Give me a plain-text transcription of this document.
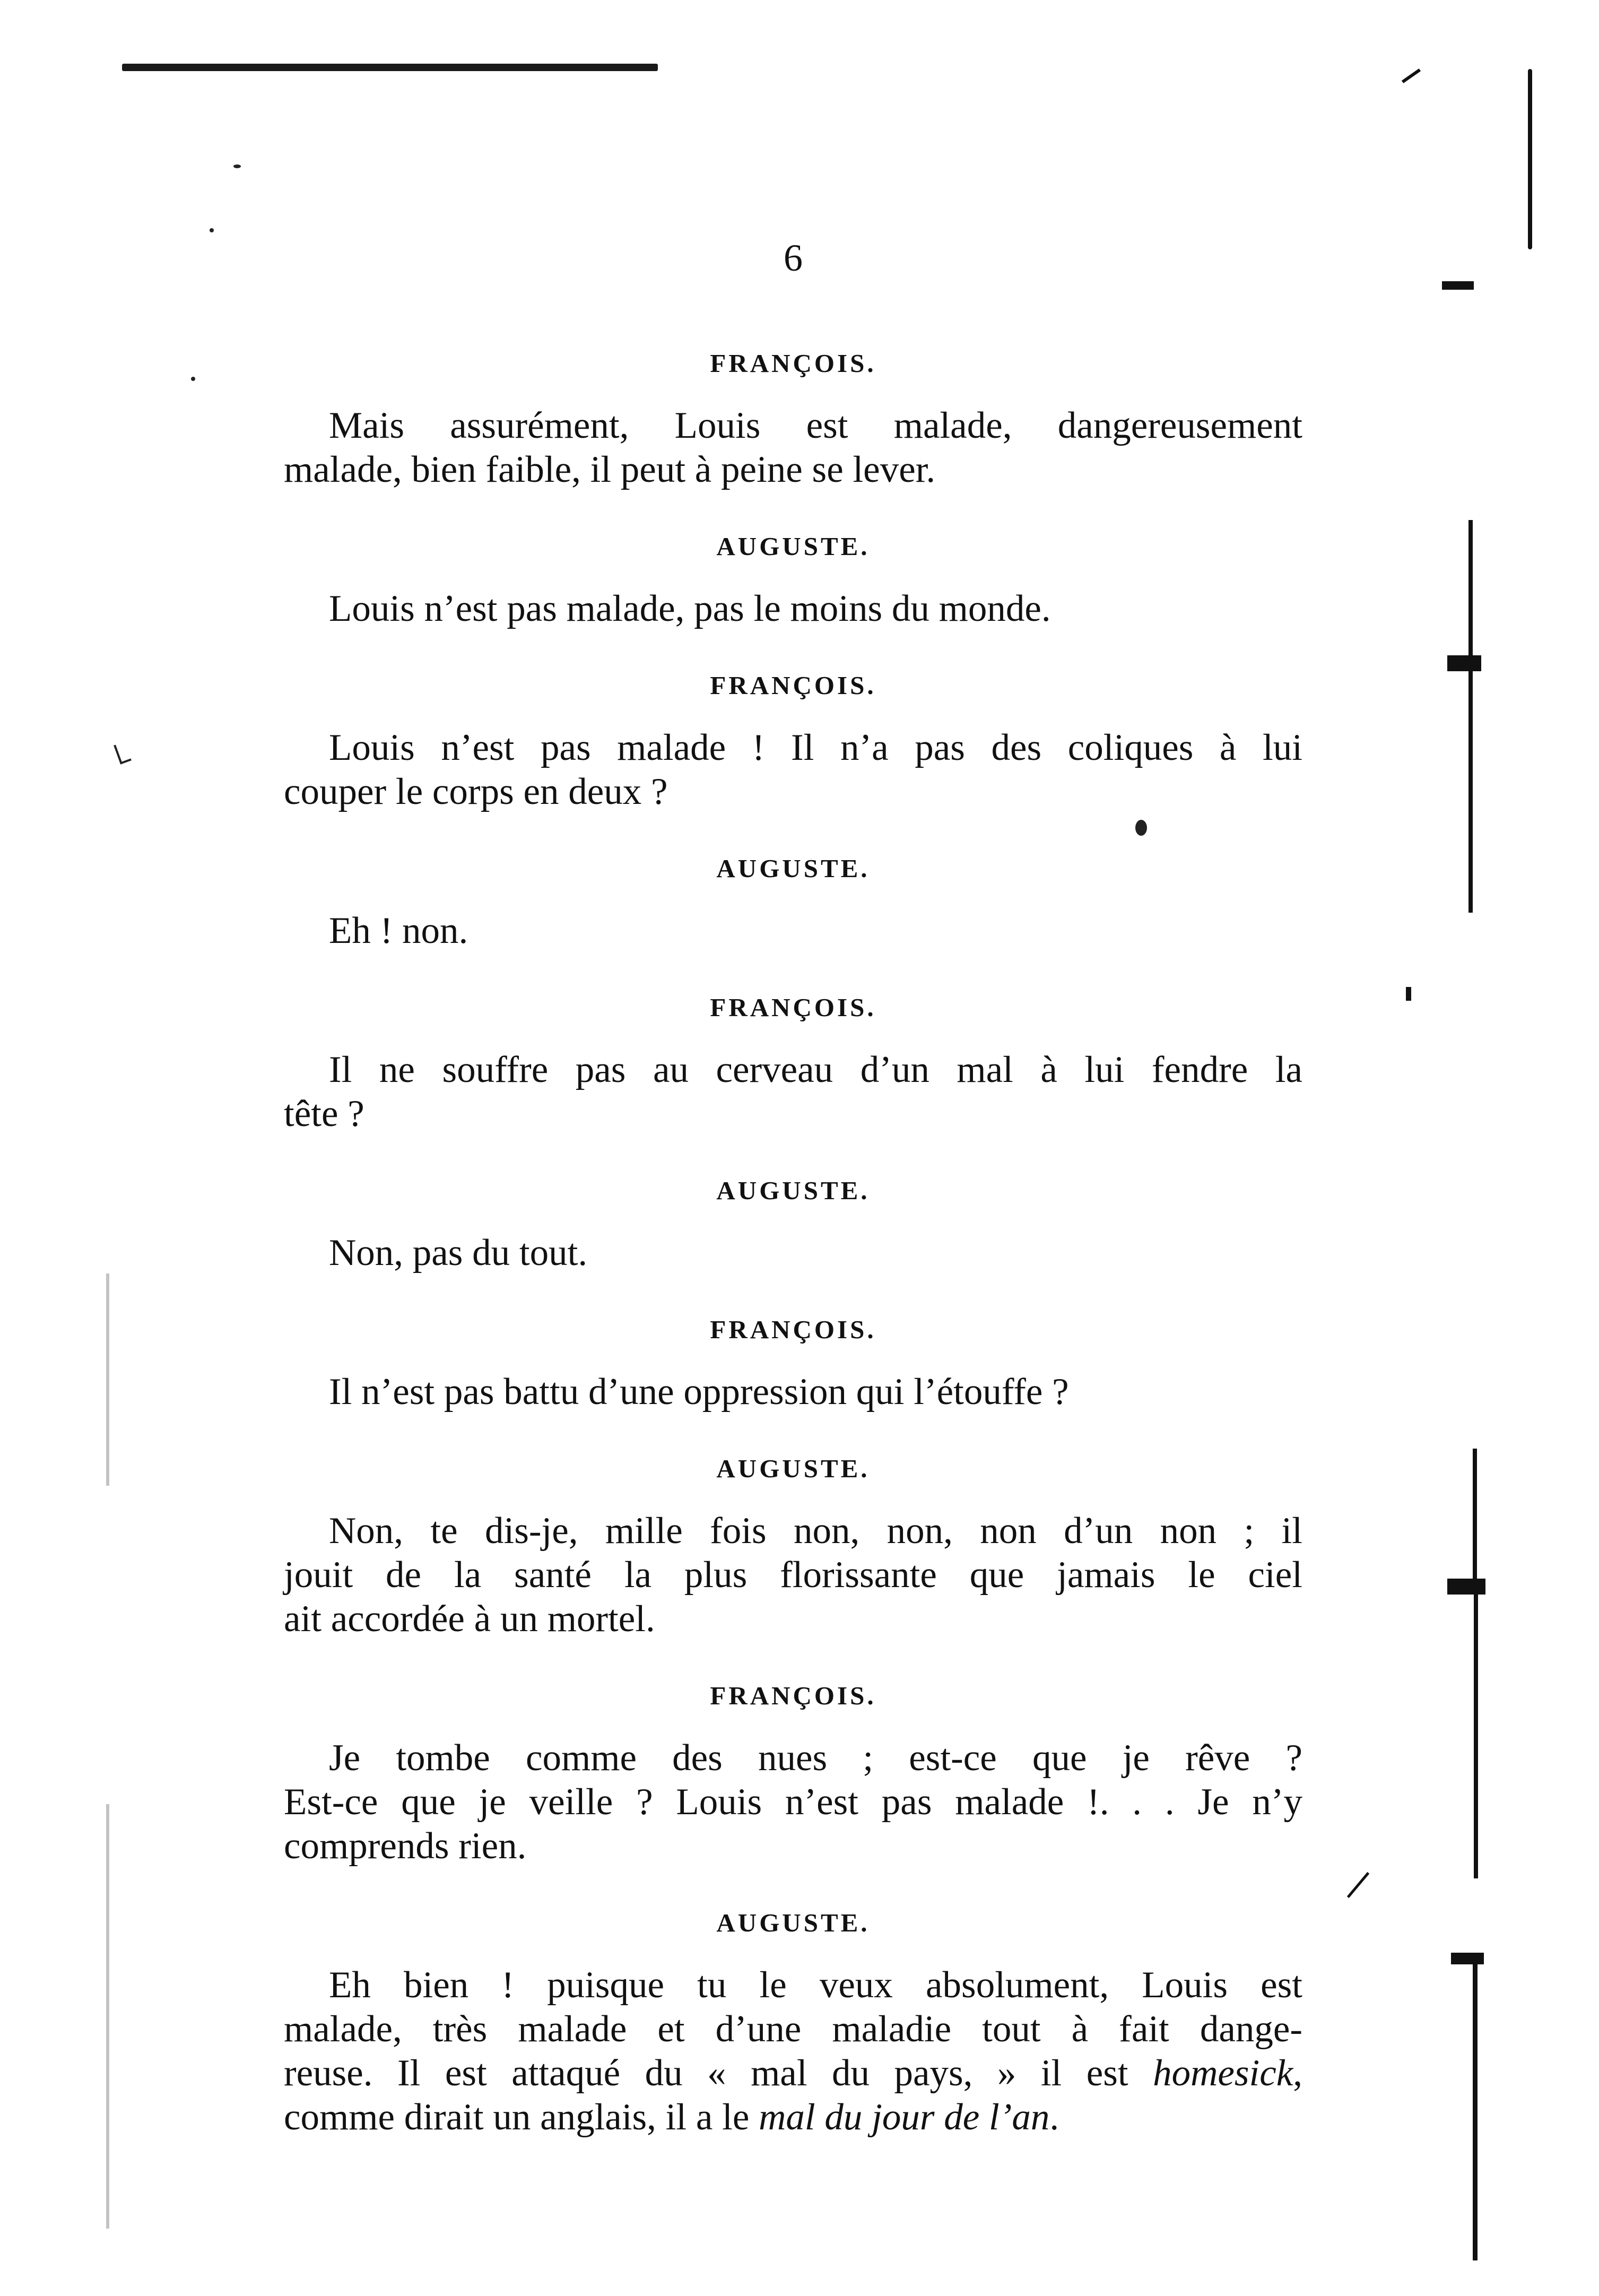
6

FRANÇOIS.

Mais assurément, Louis est malade, dangereusement

malade, bien faible, il peut à peine se lever.

AUGUSTE.

Louis n’est pas malade, pas le moins du monde.

FRANÇOIS.

Louis n’est pas malade ! Il n’a pas des coliques à lui

couper le corps en deux ?

AUGUSTE.

Eh ! non.

FRANÇOIS.

Il ne souffre pas au cerveau d’un mal à lui fendre la

tête ?

AUGUSTE.

Non, pas du tout.

FRANÇOIS.

Il n’est pas battu d’une oppression qui l’étouffe ?

AUGUSTE.

Non, te dis-je, mille fois non, non, non d’un non ; il

jouit de la santé la plus florissante que jamais le ciel

ait accordée à un mortel.

FRANÇOIS.

Je tombe comme des nues ; est-ce que je rêve ?

Est-ce que je veille ? Louis n’est pas malade !. . . Je n’y

comprends rien.

AUGUSTE.

Eh bien ! puisque tu le veux absolument, Louis est

malade, très malade et d’une maladie tout à fait dange-

reuse. Il est attaqué du « mal du pays, » il est homesick,

comme dirait un anglais, il a le mal du jour de l’an.
